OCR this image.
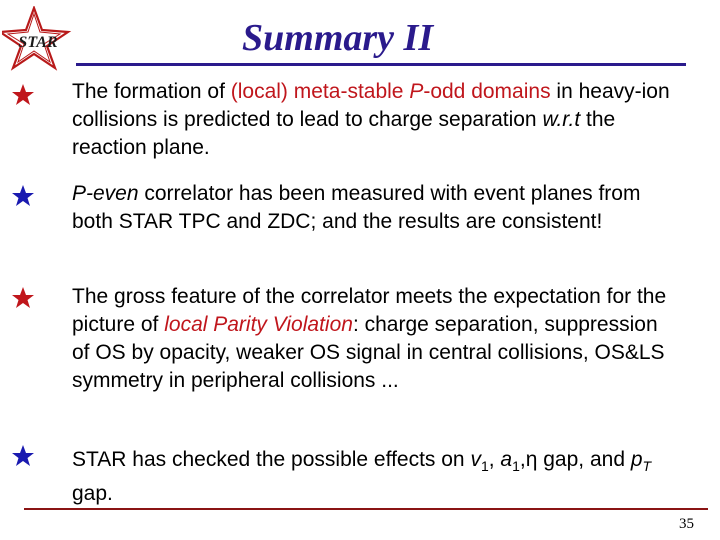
STAR	Summary II
The formation of (local) meta-stable P-odd domains in heavy-ion collisions is predicted to lead to charge separation w.r.t the reaction plane.
P-even correlator has been measured with event planes from both STAR TPC and ZDC; and the results are consistent!
The gross feature of the correlator meets the expectation for the picture of local Parity Violation: charge separation, suppression of OS by opacity, weaker OS signal in central collisions, OS&LS symmetry in peripheral collisions ...
STAR has checked the possible effects on $v_1$, $a_1,\eta$ gap, and $p_T$ gap.
35
